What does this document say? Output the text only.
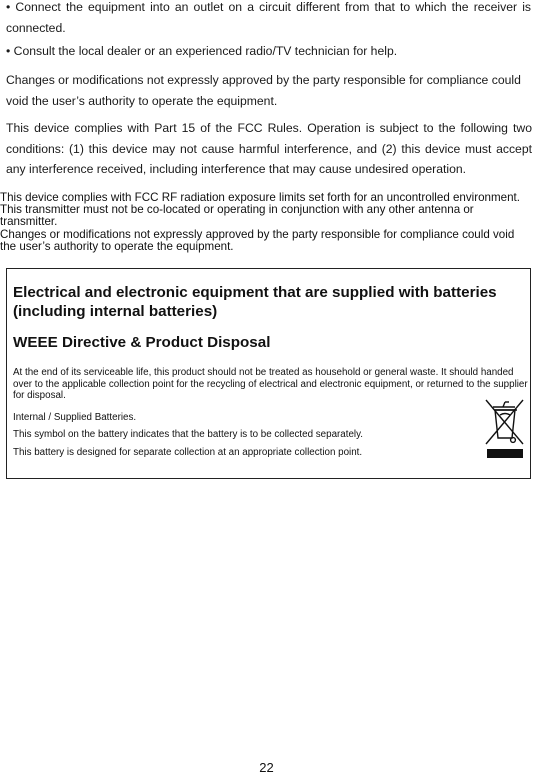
• Connect the equipment into an outlet on a circuit different from that to which the receiver is connected.

• Consult the local dealer or an experienced radio/TV technician for help.

Changes or modifications not expressly approved by the party responsible for compliance could void the user’s authority to operate the equipment.

This device complies with Part 15 of the FCC Rules. Operation is subject to the following two conditions: (1) this device may not cause harmful interference, and (2) this device must accept any interference received, including interference that may cause undesired operation.

This device complies with FCC RF radiation exposure limits set forth for an uncontrolled environment. This transmitter must not be co-located or operating in conjunction with any other antenna or transmitter.
Changes or modifications not expressly approved by the party responsible for compliance could void the user’s authority to operate the equipment.

Electrical and electronic equipment that are supplied with batteries (including internal batteries)

WEEE Directive & Product Disposal

At the end of its serviceable life, this product should not be treated as household or general waste. It should handed over to the applicable collection point for the recycling of electrical and electronic equipment, or returned to the supplier for disposal.

Internal / Supplied Batteries.

This symbol on the battery indicates that the battery is to be collected separately.

This battery is designed for separate collection at an appropriate collection point.

22
